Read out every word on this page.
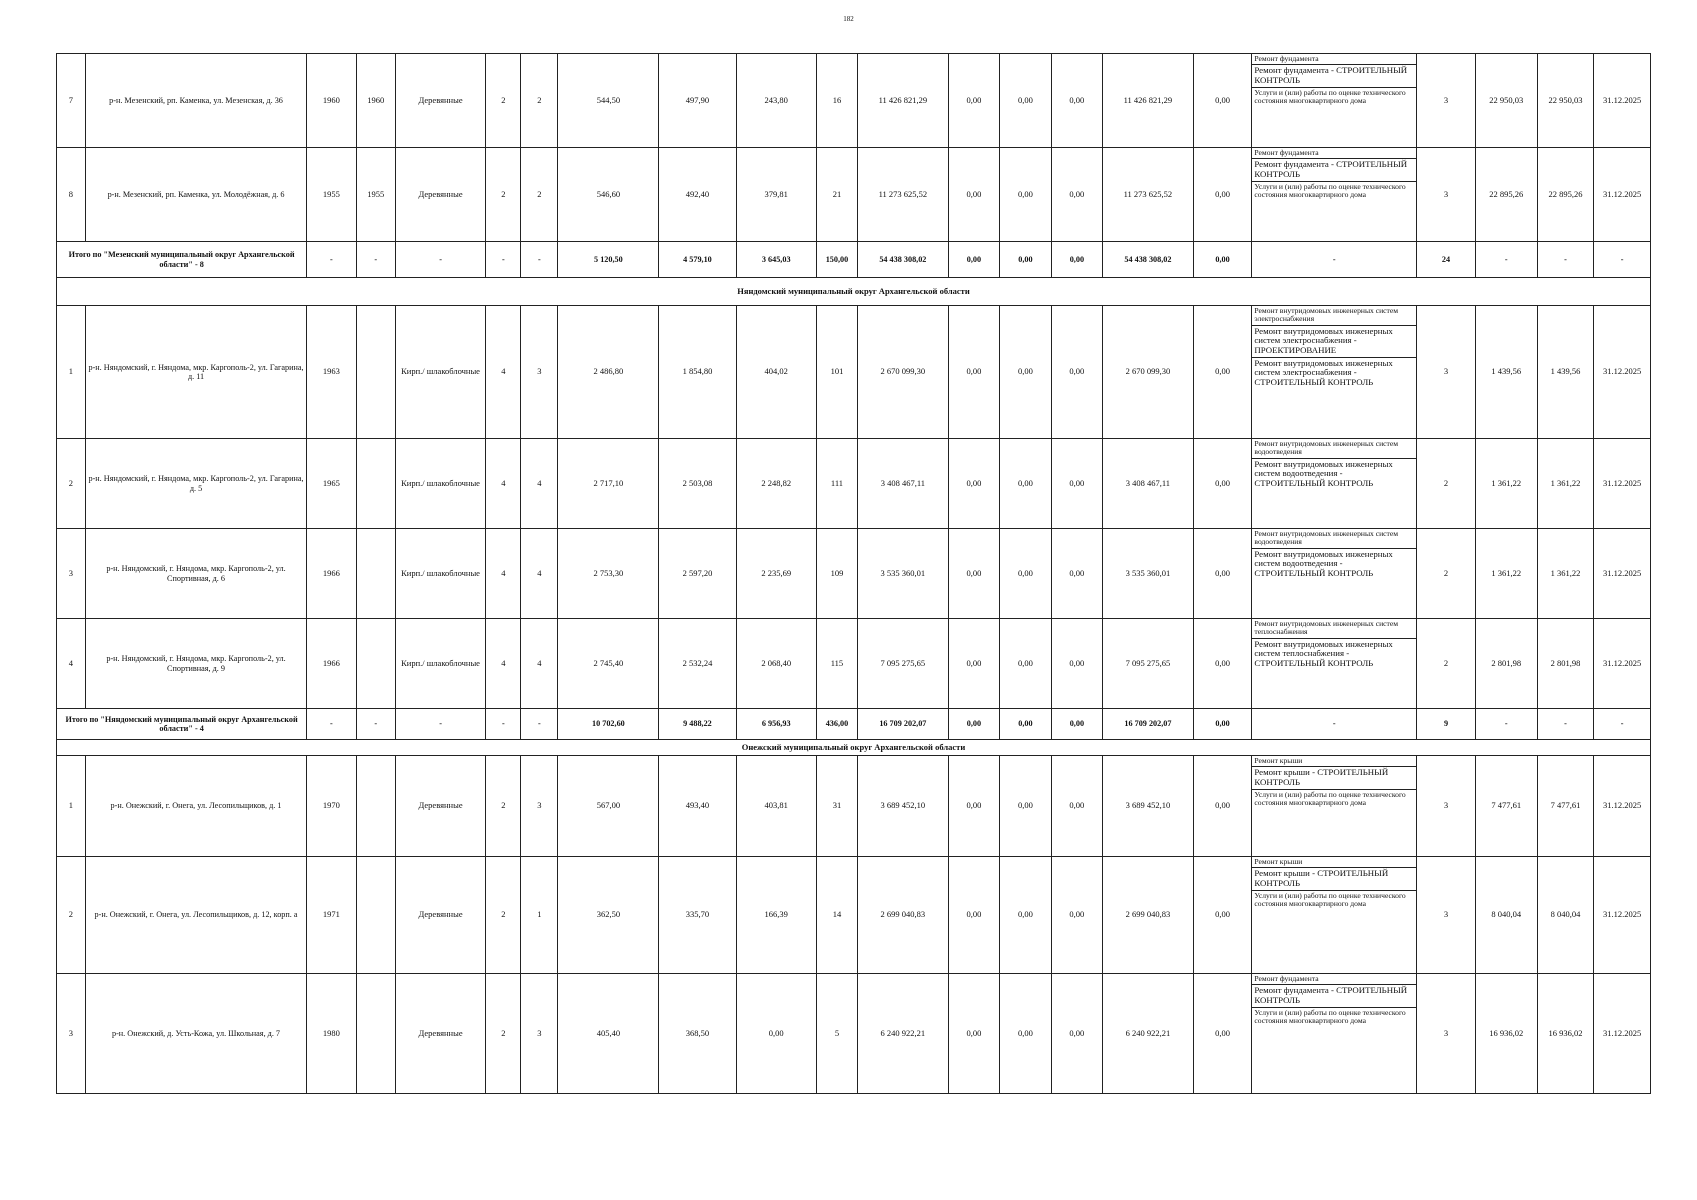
182
7	р-н. Мезенский, рп. Каменка, ул. Мезенская, д. 36	1960	1960	Деревянные	2	2	544,50	497,90	243,80	16	11 426 821,29	0,00	0,00	0,00	11 426 821,29	0,00	Ремонт фундамента
Ремонт фундамента - СТРОИТЕЛЬНЫЙ КОНТРОЛЬ
Услуги и (или) работы по оценке технического состояния многоквартирного дома	3	22 950,03	22 950,03	31.12.2025
8	р-н. Мезенский, рп. Каменка, ул. Молодёжная, д. 6	1955	1955	Деревянные	2	2	546,60	492,40	379,81	21	11 273 625,52	0,00	0,00	0,00	11 273 625,52	0,00	Ремонт фундамента
Ремонт фундамента - СТРОИТЕЛЬНЫЙ КОНТРОЛЬ
Услуги и (или) работы по оценке технического состояния многоквартирного дома	3	22 895,26	22 895,26	31.12.2025
Итого по "Мезенский муниципальный округ Архангельской области" - 8		-	-	-	-	-	5 120,50	4 579,10	3 645,03	150,00	54 438 308,02	0,00	0,00	0,00	54 438 308,02	0,00	-	24	-	-	-
Няндомский муниципальный округ Архангельской области																					
1	р-н. Няндомский, г. Няндома, мкр. Каргополь-2, ул. Гагарина, д. 11	1963		Кирп./ шлакоблочные	4	3	2 486,80	1 854,80	404,02	101	2 670 099,30	0,00	0,00	0,00	2 670 099,30	0,00	Ремонт внутридомовых инженерных систем электроснабжения
Ремонт внутридомовых инженерных систем электроснабжения - ПРОЕКТИРОВАНИЕ
Ремонт внутридомовых инженерных систем электроснабжения - СТРОИТЕЛЬНЫЙ КОНТРОЛЬ	3	1 439,56	1 439,56	31.12.2025
2	р-н. Няндомский, г. Няндома, мкр. Каргополь-2, ул. Гагарина, д. 5	1965		Кирп./ шлакоблочные	4	4	2 717,10	2 503,08	2 248,82	111	3 408 467,11	0,00	0,00	0,00	3 408 467,11	0,00	Ремонт внутридомовых инженерных систем водоотведения
Ремонт внутридомовых инженерных систем водоотведения - СТРОИТЕЛЬНЫЙ КОНТРОЛЬ	2	1 361,22	1 361,22	31.12.2025
3	р-н. Няндомский, г. Няндома, мкр. Каргополь-2, ул. Спортивная, д. 6	1966		Кирп./ шлакоблочные	4	4	2 753,30	2 597,20	2 235,69	109	3 535 360,01	0,00	0,00	0,00	3 535 360,01	0,00	Ремонт внутридомовых инженерных систем водоотведения
Ремонт внутридомовых инженерных систем водоотведения - СТРОИТЕЛЬНЫЙ КОНТРОЛЬ	2	1 361,22	1 361,22	31.12.2025
4	р-н. Няндомский, г. Няндома, мкр. Каргополь-2, ул. Спортивная, д. 9	1966		Кирп./ шлакоблочные	4	4	2 745,40	2 532,24	2 068,40	115	7 095 275,65	0,00	0,00	0,00	7 095 275,65	0,00	Ремонт внутридомовых инженерных систем теплоснабжения
Ремонт внутридомовых инженерных систем теплоснабжения - СТРОИТЕЛЬНЫЙ КОНТРОЛЬ	2	2 801,98	2 801,98	31.12.2025
Итого по "Няндомский муниципальный округ Архангельской области" - 4		-	-	-	-	-	10 702,60	9 488,22	6 956,93	436,00	16 709 202,07	0,00	0,00	0,00	16 709 202,07	0,00	-	9	-	-	-
Онежский муниципальный округ Архангельской области																					
1	р-н. Онежский, г. Онега, ул. Лесопильщиков, д. 1	1970		Деревянные	2	3	567,00	493,40	403,81	31	3 689 452,10	0,00	0,00	0,00	3 689 452,10	0,00	Ремонт крыши
Ремонт крыши - СТРОИТЕЛЬНЫЙ КОНТРОЛЬ
Услуги и (или) работы по оценке технического состояния многоквартирного дома	3	7 477,61	7 477,61	31.12.2025
2	р-н. Онежский, г. Онега, ул. Лесопильщиков, д. 12, корп. а	1971		Деревянные	2	1	362,50	335,70	166,39	14	2 699 040,83	0,00	0,00	0,00	2 699 040,83	0,00	Ремонт крыши
Ремонт крыши - СТРОИТЕЛЬНЫЙ КОНТРОЛЬ
Услуги и (или) работы по оценке технического состояния многоквартирного дома	3	8 040,04	8 040,04	31.12.2025
3	р-н. Онежский, д. Усть-Кожа, ул. Школьная, д. 7	1980		Деревянные	2	3	405,40	368,50	0,00	5	6 240 922,21	0,00	0,00	0,00	6 240 922,21	0,00	Ремонт фундамента
Ремонт фундамента - СТРОИТЕЛЬНЫЙ КОНТРОЛЬ
Услуги и (или) работы по оценке технического состояния многоквартирного дома	3	16 936,02	16 936,02	31.12.2025
